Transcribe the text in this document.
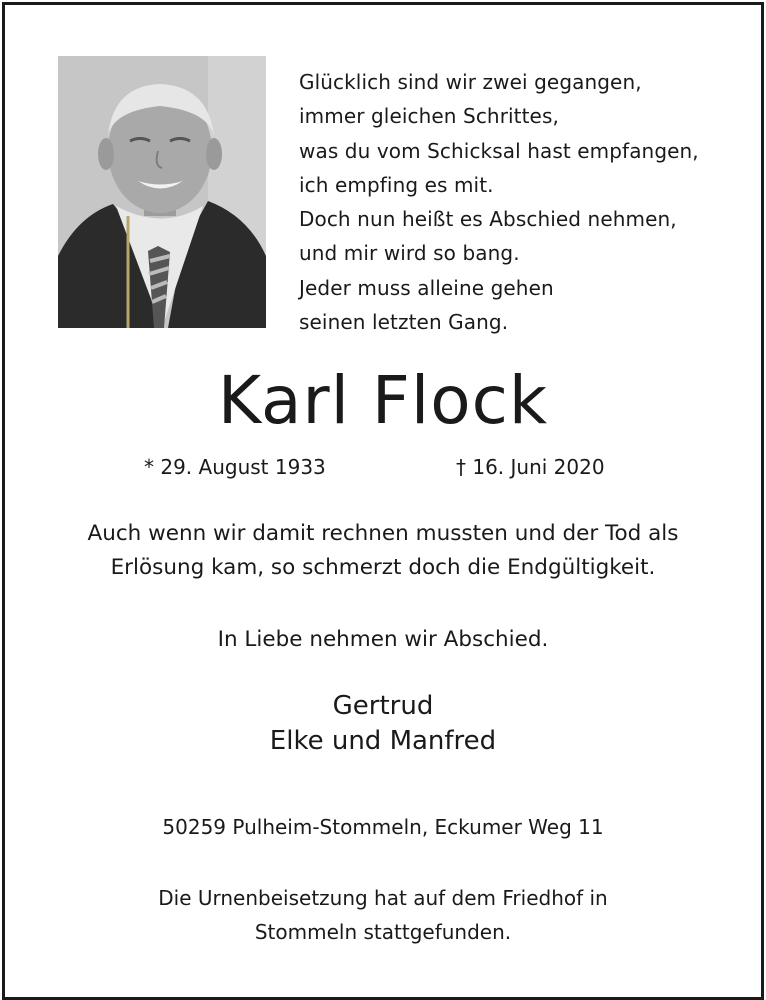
Glücklich sind wir zwei gegangen,
immer gleichen Schrittes,
was du vom Schicksal hast empfangen,
ich empfing es mit.
Doch nun heißt es Abschied nehmen,
und mir wird so bang.
Jeder muss alleine gehen
seinen letzten Gang.
Karl Flock
* 29. August 1933	† 16. Juni 2020
Auch wenn wir damit rechnen mussten und der Tod als
Erlösung kam, so schmerzt doch die Endgültigkeit.
In Liebe nehmen wir Abschied.
Gertrud
Elke und Manfred
50259 Pulheim-Stommeln, Eckumer Weg 11
Die Urnenbeisetzung hat auf dem Friedhof in
Stommeln stattgefunden.
